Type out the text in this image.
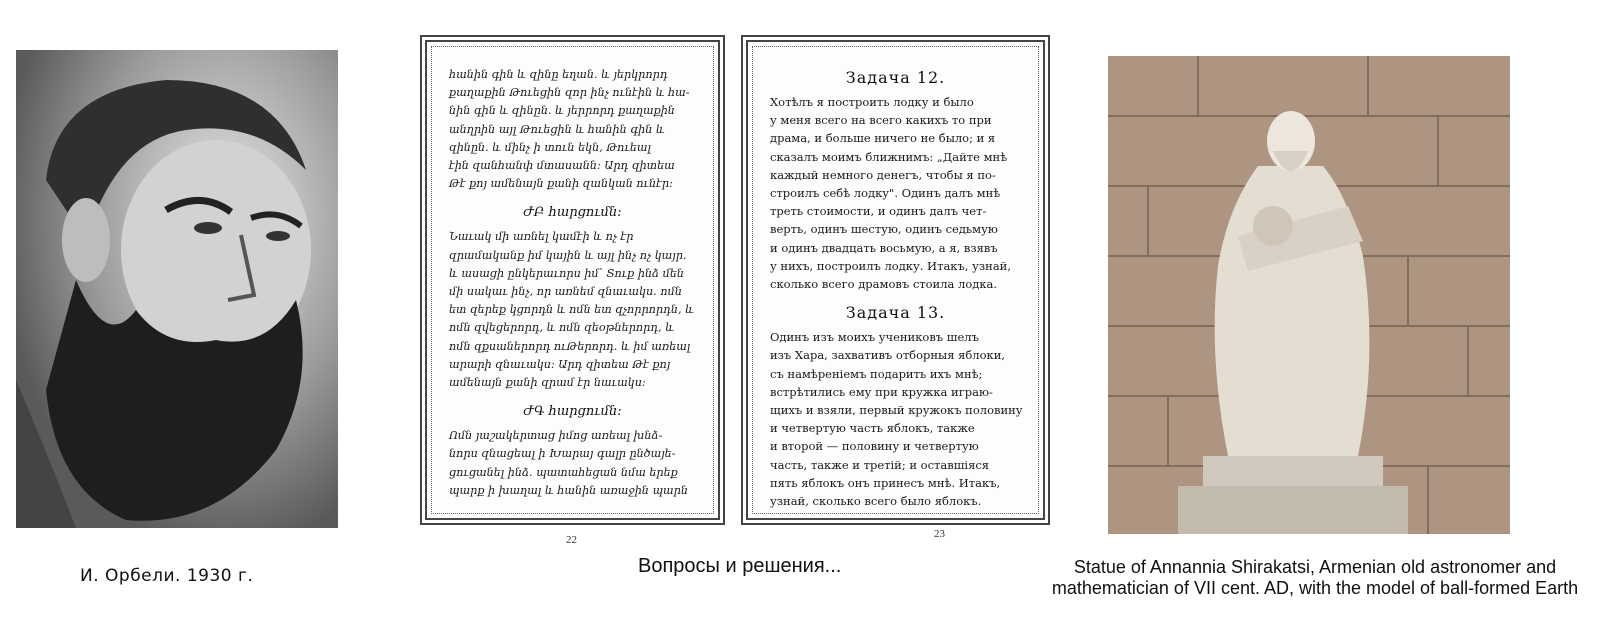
И. Орбели. 1930 г.

հանին գին և զինը եղան. և յերկրորդ

քաղաքին Թուեցին զոր ինչ ունէին և հա-

նին գին և զինըն. և յերրորդ քաղաքին

անղրին այլ Թուեցին և հանին գին և

զինըն. և մինչ ի տուն եկն, Թուեալ

էին զանհանփ մտասանն: Արդ զիտեա

Թէ քոյ ամենայն քանի զանկան ունէր:

ԺԲ հարցումն:

Նաւակ մի առնել կամէի և ոչ էր

զրամականք իմ կային և այլ ինչ ոչ կայր.

և ասացի ընկերաւորս իմ՝ Տուք ինձ մեն

մի սակաւ ինչ, որ առնեմ զնաւակս. ոմն

ետ զերեք կցորդն և ոմն ետ զչորրորդն, և

ոմն զվեցերորդ, և ոմն զեօթներորդ, և

ոմն զքսաներորդ ուԹերորդ. և իմ առեալ

արարի զնաւակս: Արդ զիտեա Թէ քոյ

ամենայն քանի զրամ էր նաւակս:

ԺԳ հարցումն:

Ոմն յաշակերտաց իմոց առեալ խնձ-

նորս զնացեալ ի Խարայ գալր ընծայե-

ցուցանել ինձ. պատահեցան նմա երեք

պարք ի խաղալ և հանին առաջին պարն

22
Задача 12.

Хотѣлъ я построить лодку и было

у меня всего на всего какихъ то при

драма, и больше ничего не было; и я

сказалъ моимъ ближнимъ: „Дайте мнѣ

каждый немного денегъ, чтобы я по-

строилъ себѣ лодку". Одинъ далъ мнѣ

треть стоимости, и одинъ далъ чет-

верть, одинъ шестую, одинъ седьмую

и одинъ двадцать восьмую, а я, взявъ

у нихъ, построилъ лодку. Итакъ, узнай,

сколько всего драмовъ стоила лодка.

Задача 13.

Одинъ изъ моихъ учениковъ шелъ

изъ Хара, захвативъ отборныя яблоки,

съ намѣреніемъ подарить ихъ мнѣ;

встрѣтились ему при кружка играю-

щихъ и взяли, первый кружокъ половину

и четвертую часть яблокъ, также

и второй — половину и четвертую

часть, также и третій; и оставшіяся

пять яблокъ онъ принесъ мнѣ. Итакъ,

узнай, сколько всего было яблокъ.

23
Вопросы и решения...	Statue of Annannia Shirakatsi, Armenian old astronomer and
mathematician of VII cent. AD, with the model of ball-formed Earth
